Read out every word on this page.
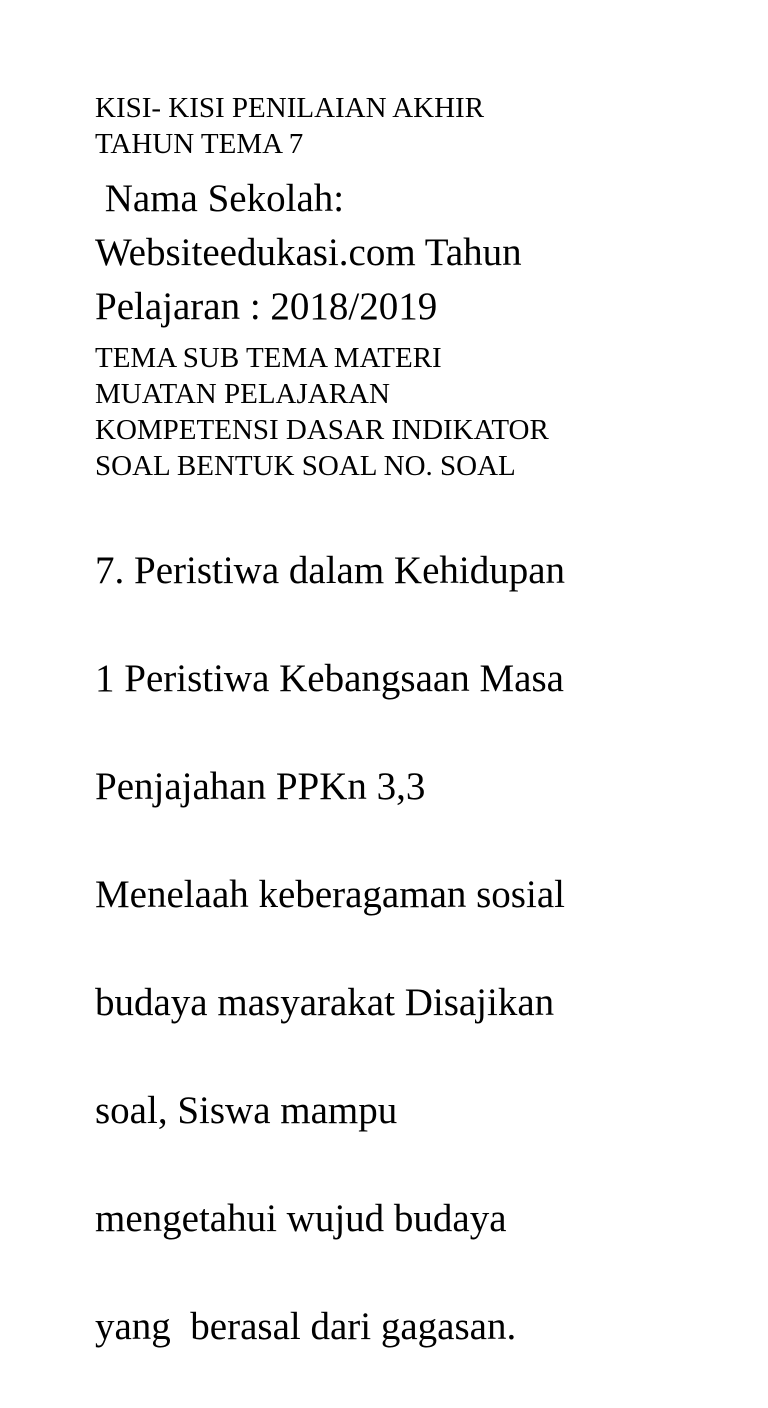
KISI- KISI PENILAIAN AKHIR
TAHUN TEMA 7
Nama Sekolah:
Websiteedukasi.com Tahun
Pelajaran : 2018/2019
TEMA SUB TEMA MATERI
MUATAN PELAJARAN
KOMPETENSI DASAR INDIKATOR
SOAL BENTUK SOAL NO. SOAL

7. Peristiwa dalam Kehidupan

1 Peristiwa Kebangsaan Masa

Penjajahan PPKn 3,3

Menelaah keberagaman sosial

budaya masyarakat Disajikan

soal, Siswa mampu

mengetahui wujud budaya

yang  berasal dari gagasan.
